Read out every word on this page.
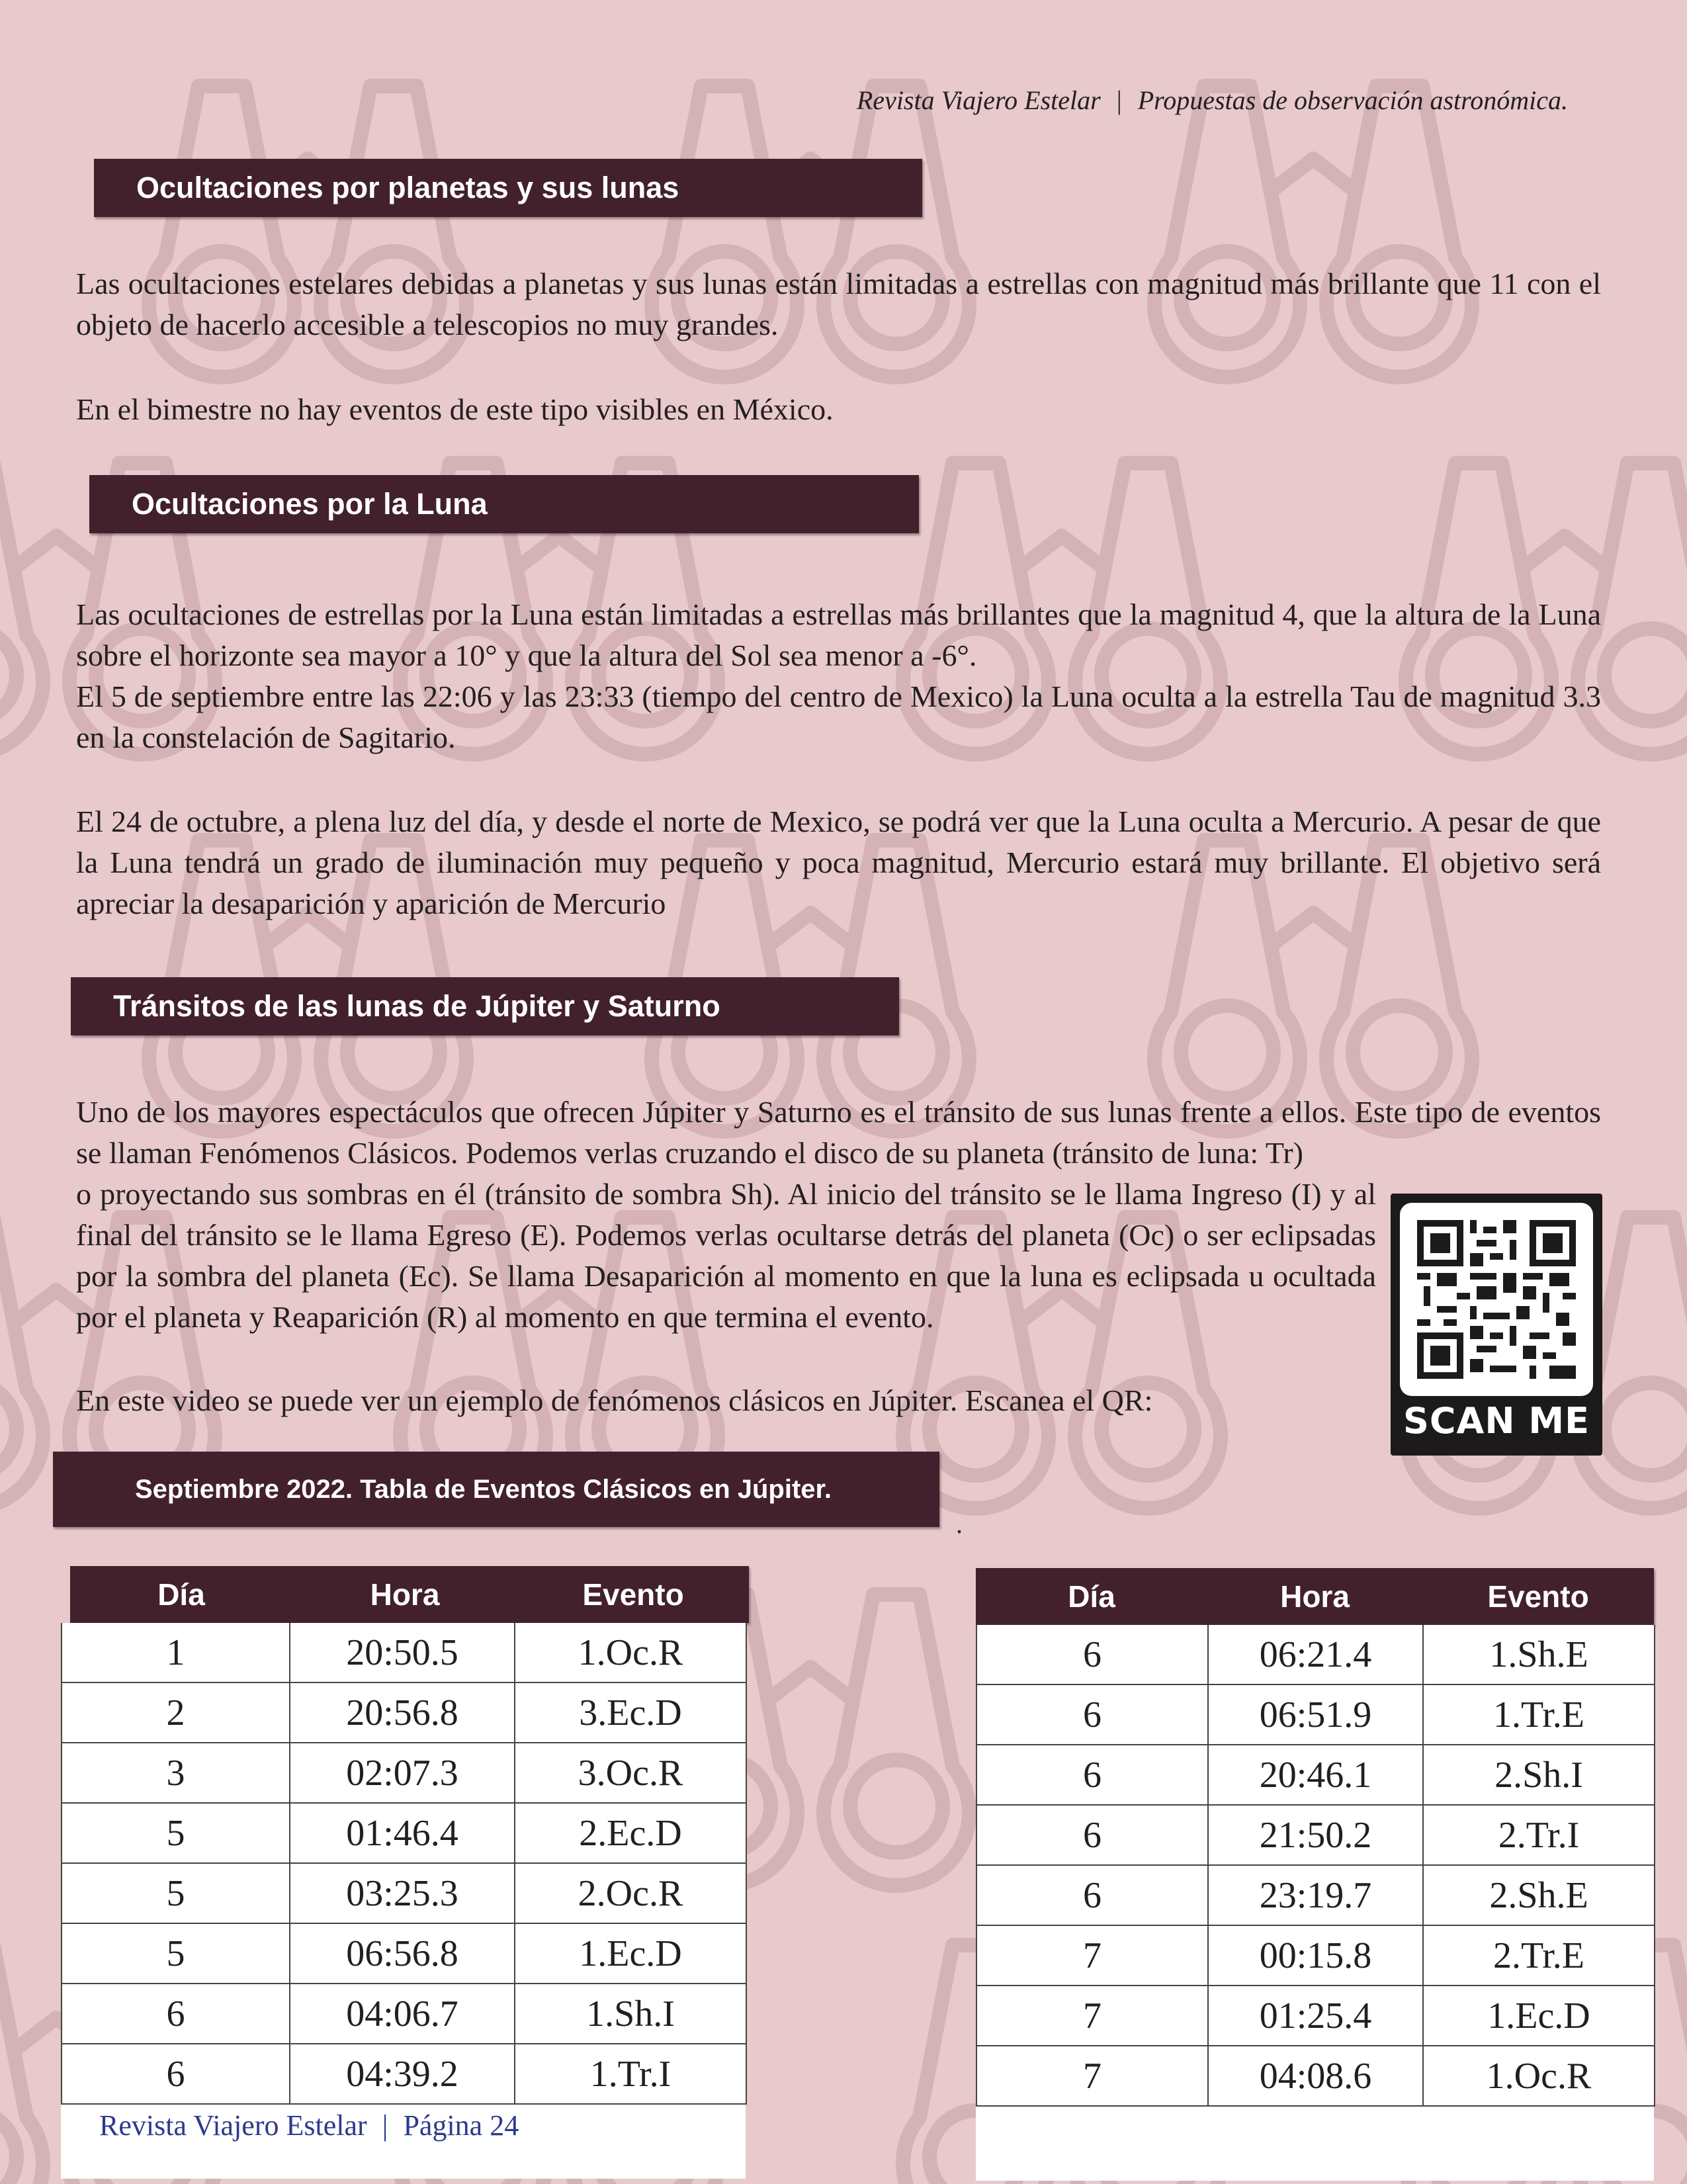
Revista Viajero Estelar | Propuestas de observación astronómica.
Ocultaciones por planetas y sus lunas

Las ocultaciones estelares debidas a planetas y sus lunas están limitadas a estrellas con magnitud más brillante que 11 con el objeto de hacerlo accesible a telescopios no muy grandes.

En el bimestre no hay eventos de este tipo visibles en México.

Ocultaciones por la Luna

Las ocultaciones de estrellas por la Luna están limitadas a estrellas más brillantes que la magnitud 4, que la altura de la Luna sobre el horizonte sea mayor a 10° y que la altura del Sol sea menor a -6°.

El 5 de septiembre entre las 22:06 y las 23:33 (tiempo del centro de Mexico) la Luna oculta a la estrella Tau de magnitud 3.3 en la constelación de Sagitario.

El 24 de octubre, a plena luz del día, y desde el norte de Mexico, se podrá ver que la Luna oculta a Mercurio. A pesar de que la Luna tendrá un grado de iluminación muy pequeño y poca magnitud, Mercurio estará muy brillante. El objetivo será apreciar la desaparición y aparición de Mercurio

Tránsitos de las lunas de Júpiter y Saturno

Uno de los mayores espectáculos que ofrecen Júpiter y Saturno es el tránsito de sus lunas frente a ellos. Este tipo de eventos se llaman Fenómenos Clásicos. Podemos verlas cruzando el disco de su planeta (tránsito de luna: Tr)

o proyectando sus sombras en él (tránsito de sombra Sh). Al inicio del tránsito se le llama Ingreso (I) y al final del tránsito se le llama Egreso (E). Podemos verlas ocultarse detrás del planeta (Oc) o ser eclipsadas por la sombra del planeta (Ec). Se llama Desaparición al momento en que la luna es eclipsada u ocultada por el planeta y Reaparición (R) al momento en que termina el evento.

En este video se puede ver un ejemplo de fenómenos clásicos en Júpiter. Escanea el QR:	SCAN ME
Septiembre 2022. Tabla de Eventos Clásicos en Júpiter.
.
Día	Hora	Evento
1	20:50.5	1.Oc.R
2	20:56.8	3.Ec.D
3	02:07.3	3.Oc.R
5	01:46.4	2.Ec.D
5	03:25.3	2.Oc.R
5	06:56.8	1.Ec.D
6	04:06.7	1.Sh.I
6	04:39.2	1.Tr.I
Día	Hora	Evento
6	06:21.4	1.Sh.E
6	06:51.9	1.Tr.E
6	20:46.1	2.Sh.I
6	21:50.2	2.Tr.I
6	23:19.7	2.Sh.E
7	00:15.8	2.Tr.E
7	01:25.4	1.Ec.D
7	04:08.6	1.Oc.R
Revista Viajero Estelar | Página 24
